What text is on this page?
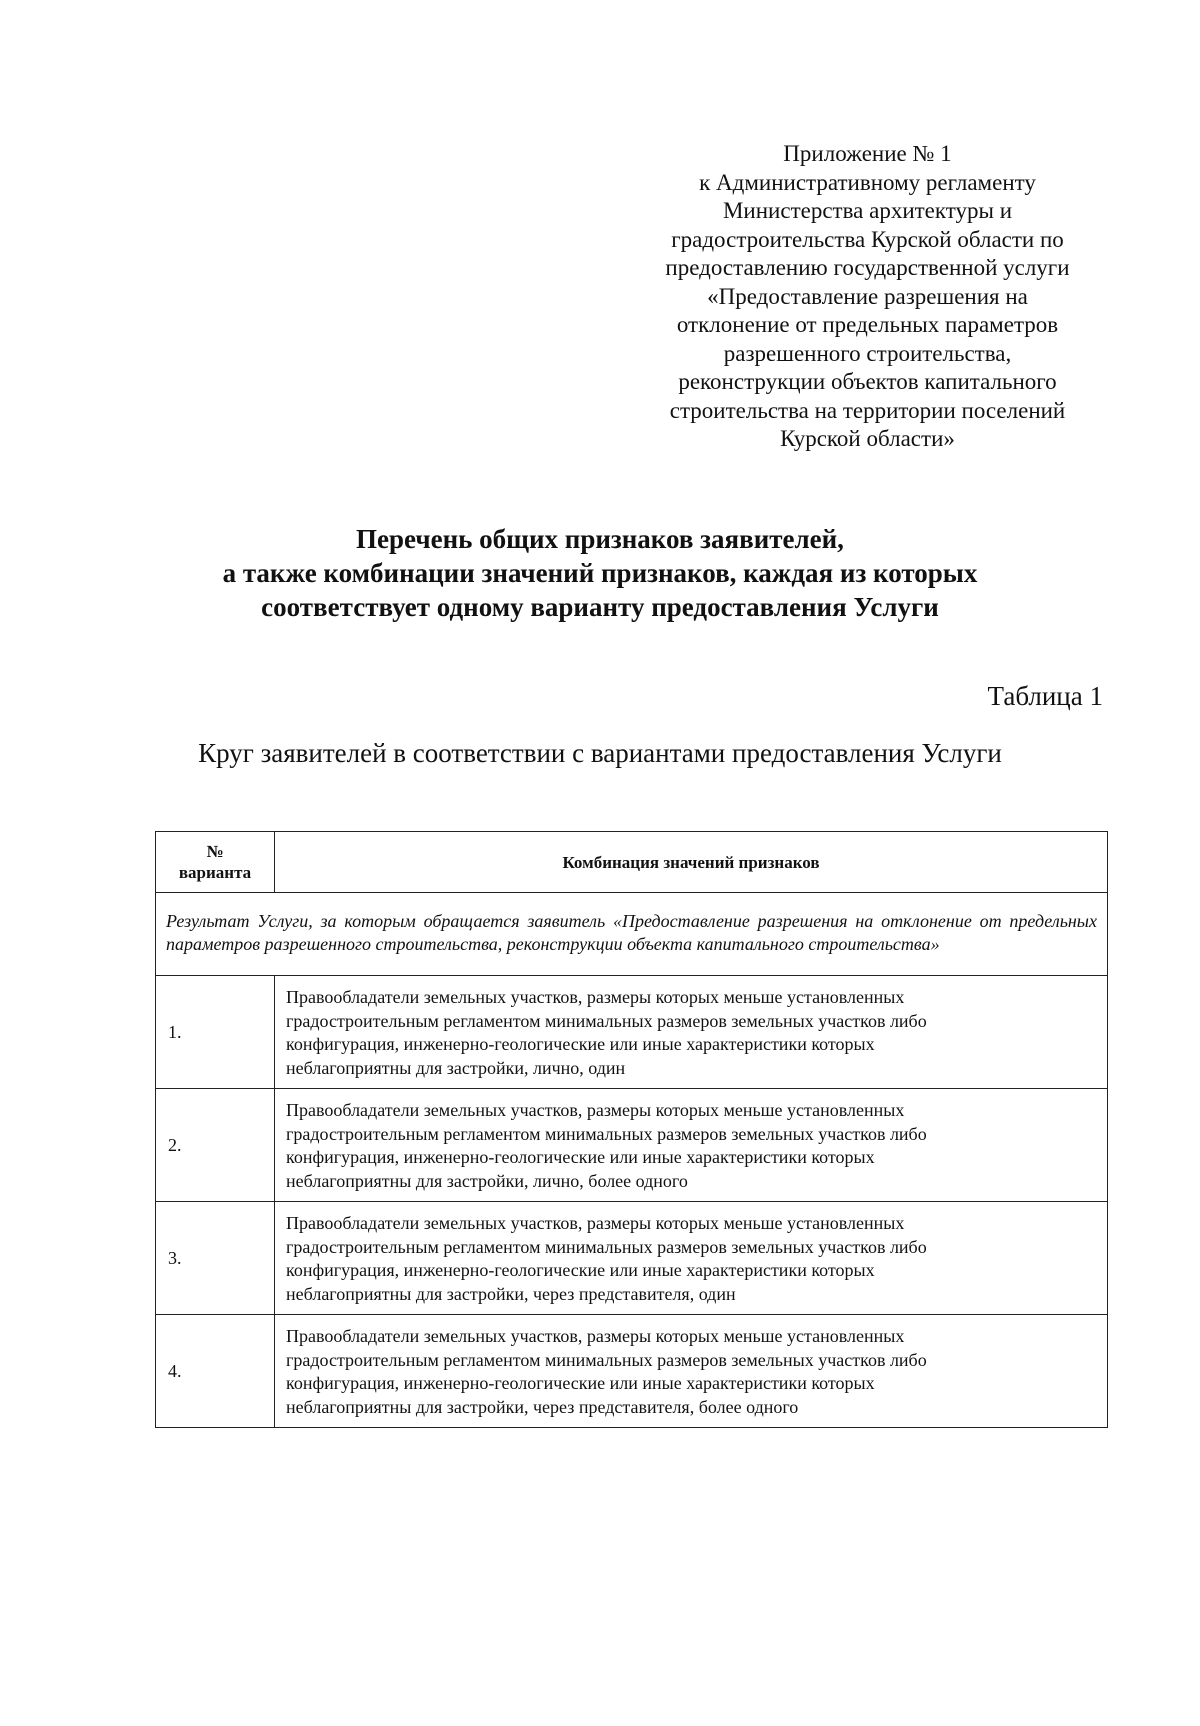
Приложение № 1
к Административному регламенту
Министерства архитектуры и
градостроительства Курской области по
предоставлению государственной услуги
«Предоставление разрешения на
отклонение от предельных параметров
разрешенного строительства,
реконструкции объектов капитального
строительства на территории поселений
Курской области»
Перечень общих признаков заявителей,
а также комбинации значений признаков, каждая из которых
соответствует одному варианту предоставления Услуги
Таблица 1
Круг заявителей в соответствии с вариантами предоставления Услуги
№
варианта	Комбинация значений признаков
Результат Услуги, за которым обращается заявитель «Предоставление разрешения на отклонение от предельных параметров разрешенного строительства, реконструкции объекта капитального строительства»	
1.	Правообладатели земельных участков, размеры которых меньше установленных
градостроительным регламентом минимальных размеров земельных участков либо
конфигурация, инженерно-геологические или иные характеристики которых
неблагоприятны для застройки, лично, один

2.	Правообладатели земельных участков, размеры которых меньше установленных
градостроительным регламентом минимальных размеров земельных участков либо
конфигурация, инженерно-геологические или иные характеристики которых
неблагоприятны для застройки, лично, более одного

3.	Правообладатели земельных участков, размеры которых меньше установленных
градостроительным регламентом минимальных размеров земельных участков либо
конфигурация, инженерно-геологические или иные характеристики которых
неблагоприятны для застройки, через представителя, один

4.	Правообладатели земельных участков, размеры которых меньше установленных
градостроительным регламентом минимальных размеров земельных участков либо
конфигурация, инженерно-геологические или иные характеристики которых
неблагоприятны для застройки, через представителя, более одного
